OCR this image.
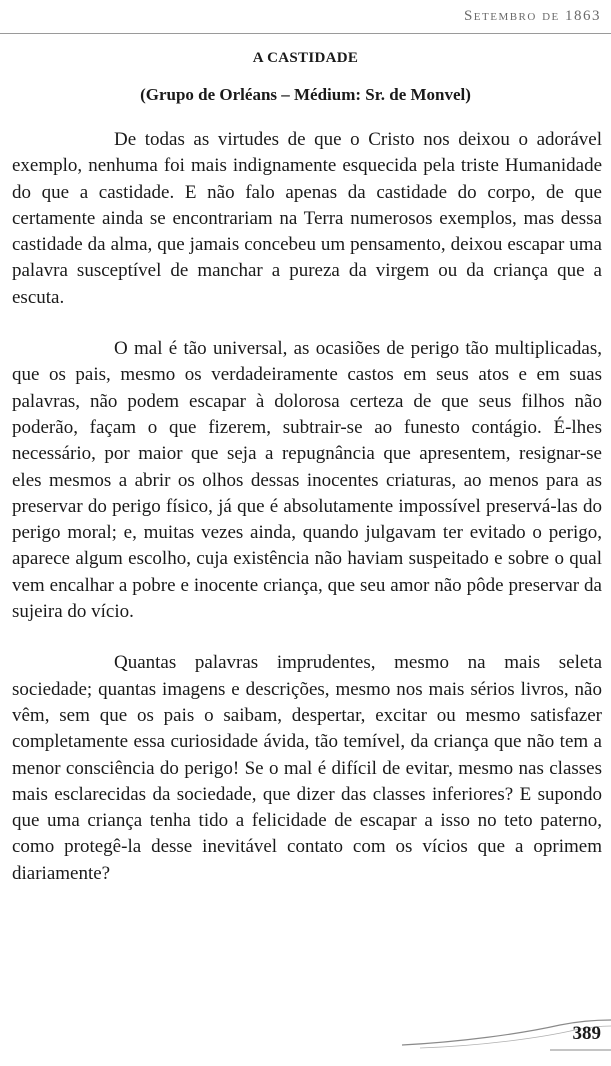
Setembro de 1863
A CASTIDADE
(Grupo de Orléans – Médium: Sr. de Monvel)

De todas as virtudes de que o Cristo nos deixou o adorável exemplo, nenhuma foi mais indignamente esquecida pela triste Humanidade do que a castidade. E não falo apenas da castidade do corpo, de que certamente ainda se encontrariam na Terra numerosos exemplos, mas dessa castidade da alma, que jamais concebeu um pensamento, deixou escapar uma palavra susceptível de manchar a pureza da virgem ou da criança que a escuta.

O mal é tão universal, as ocasiões de perigo tão multiplicadas, que os pais, mesmo os verdadeiramente castos em seus atos e em suas palavras, não podem escapar à dolorosa certeza de que seus filhos não poderão, façam o que fizerem, subtrair-se ao funesto contágio. É-lhes necessário, por maior que seja a repugnância que apresentem, resignar-se eles mesmos a abrir os olhos dessas inocentes criaturas, ao menos para as preservar do perigo físico, já que é absolutamente impossível preservá-las do perigo moral; e, muitas vezes ainda, quando julgavam ter evitado o perigo, aparece algum escolho, cuja existência não haviam suspeitado e sobre o qual vem encalhar a pobre e inocente criança, que seu amor não pôde preservar da sujeira do vício.

Quantas palavras imprudentes, mesmo na mais seleta sociedade; quantas imagens e descrições, mesmo nos mais sérios livros, não vêm, sem que os pais o saibam, despertar, excitar ou mesmo satisfazer completamente essa curiosidade ávida, tão temível, da criança que não tem a menor consciência do perigo! Se o mal é difícil de evitar, mesmo nas classes mais esclarecidas da sociedade, que dizer das classes inferiores? E supondo que uma criança tenha tido a felicidade de escapar a isso no teto paterno, como protegê-la desse inevitável contato com os vícios que a oprimem diariamente?

389
